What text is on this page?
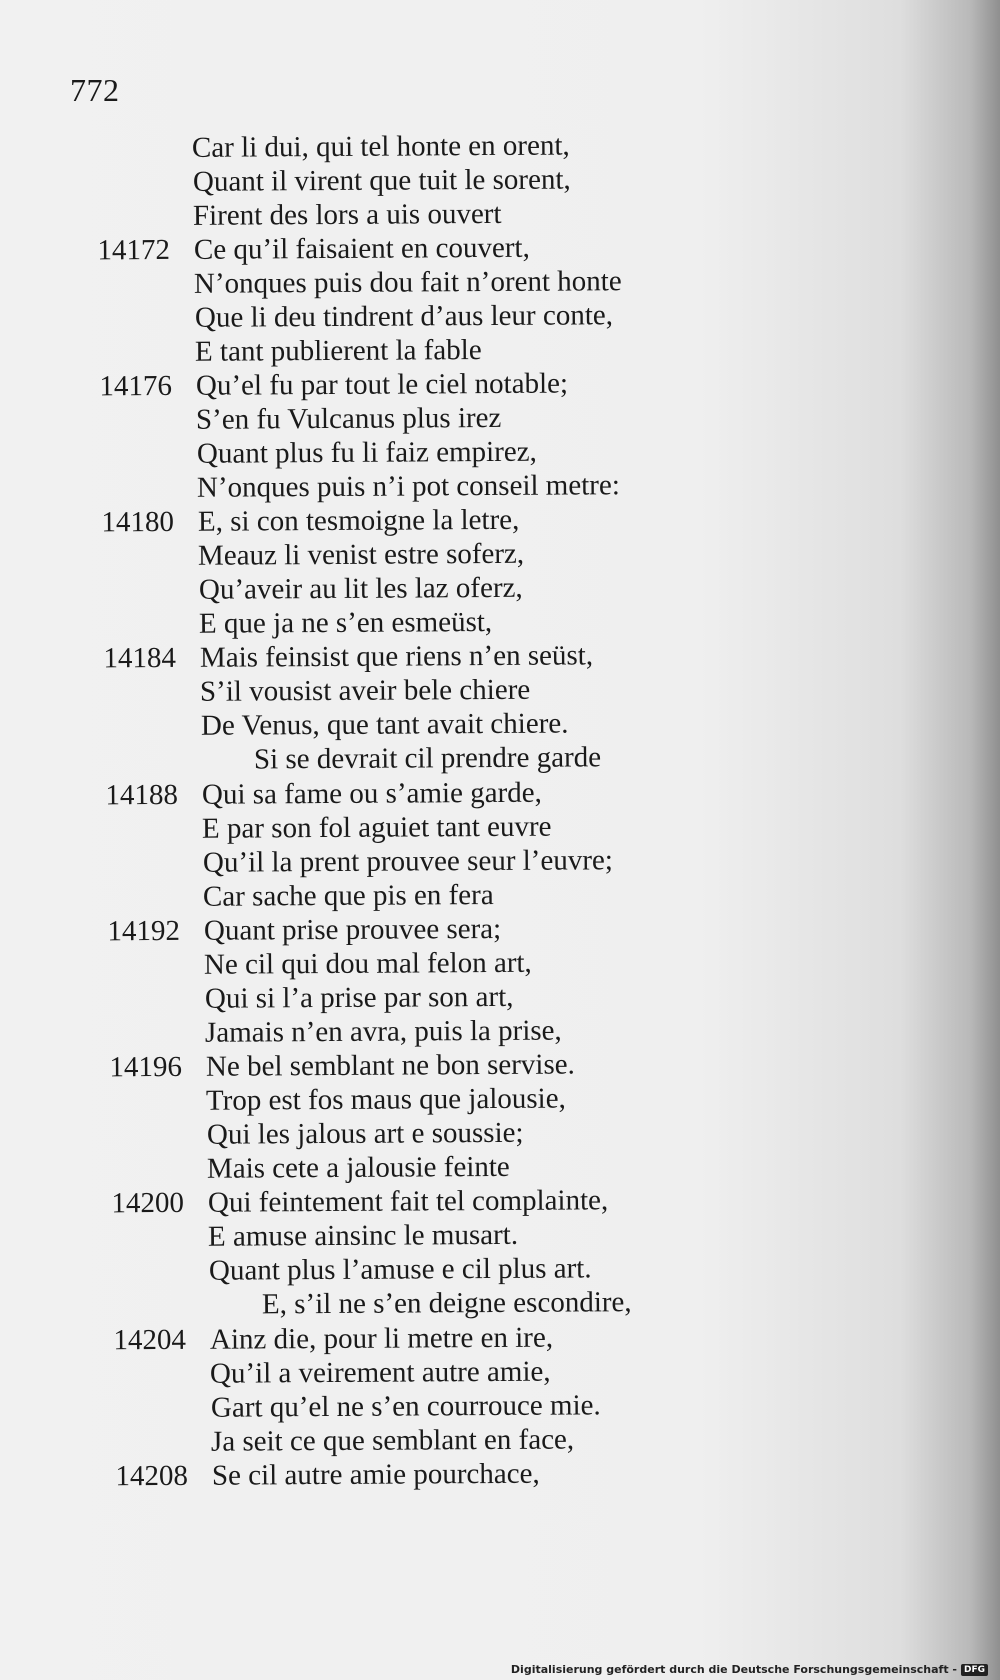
772
Car li dui, qui tel honte en orent,
Quant il virent que tuit le sorent,
Firent des lors a uis ouvert
14172 Ce qu’il faisaient en couvert,
N’onques puis dou fait n’orent honte
Que li deu tindrent d’aus leur conte,
E tant publierent la fable
14176 Qu’el fu par tout le ciel notable;
S’en fu Vulcanus plus irez
Quant plus fu li faiz empirez,
N’onques puis n’i pot conseil metre:
14180 E, si con tesmoigne la letre,
Meauz li venist estre soferz,
Qu’aveir au lit les laz oferz,
E que ja ne s’en esmeüst,
14184 Mais feinsist que riens n’en seüst,
S’il vousist aveir bele chiere
De Venus, que tant avait chiere.
Si se devrait cil prendre garde
14188 Qui sa fame ou s’amie garde,
E par son fol aguiet tant euvre
Qu’il la prent prouvee seur l’euvre;
Car sache que pis en fera
14192 Quant prise prouvee sera;
Ne cil qui dou mal felon art,
Qui si l’a prise par son art,
Jamais n’en avra, puis la prise,
14196 Ne bel semblant ne bon servise.
Trop est fos maus que jalousie,
Qui les jalous art e soussie;
Mais cete a jalousie feinte
14200 Qui feintement fait tel complainte,
E amuse ainsinc le musart.
Quant plus l’amuse e cil plus art.
E, s’il ne s’en deigne escondire,
14204 Ainz die, pour li metre en ire,
Qu’il a veirement autre amie,
Gart qu’el ne s’en courrouce mie.
Ja seit ce que semblant en face,
14208 Se cil autre amie pourchace,
Digitalisierung gefördert durch die Deutsche Forschungsgemeinschaft - DFG
